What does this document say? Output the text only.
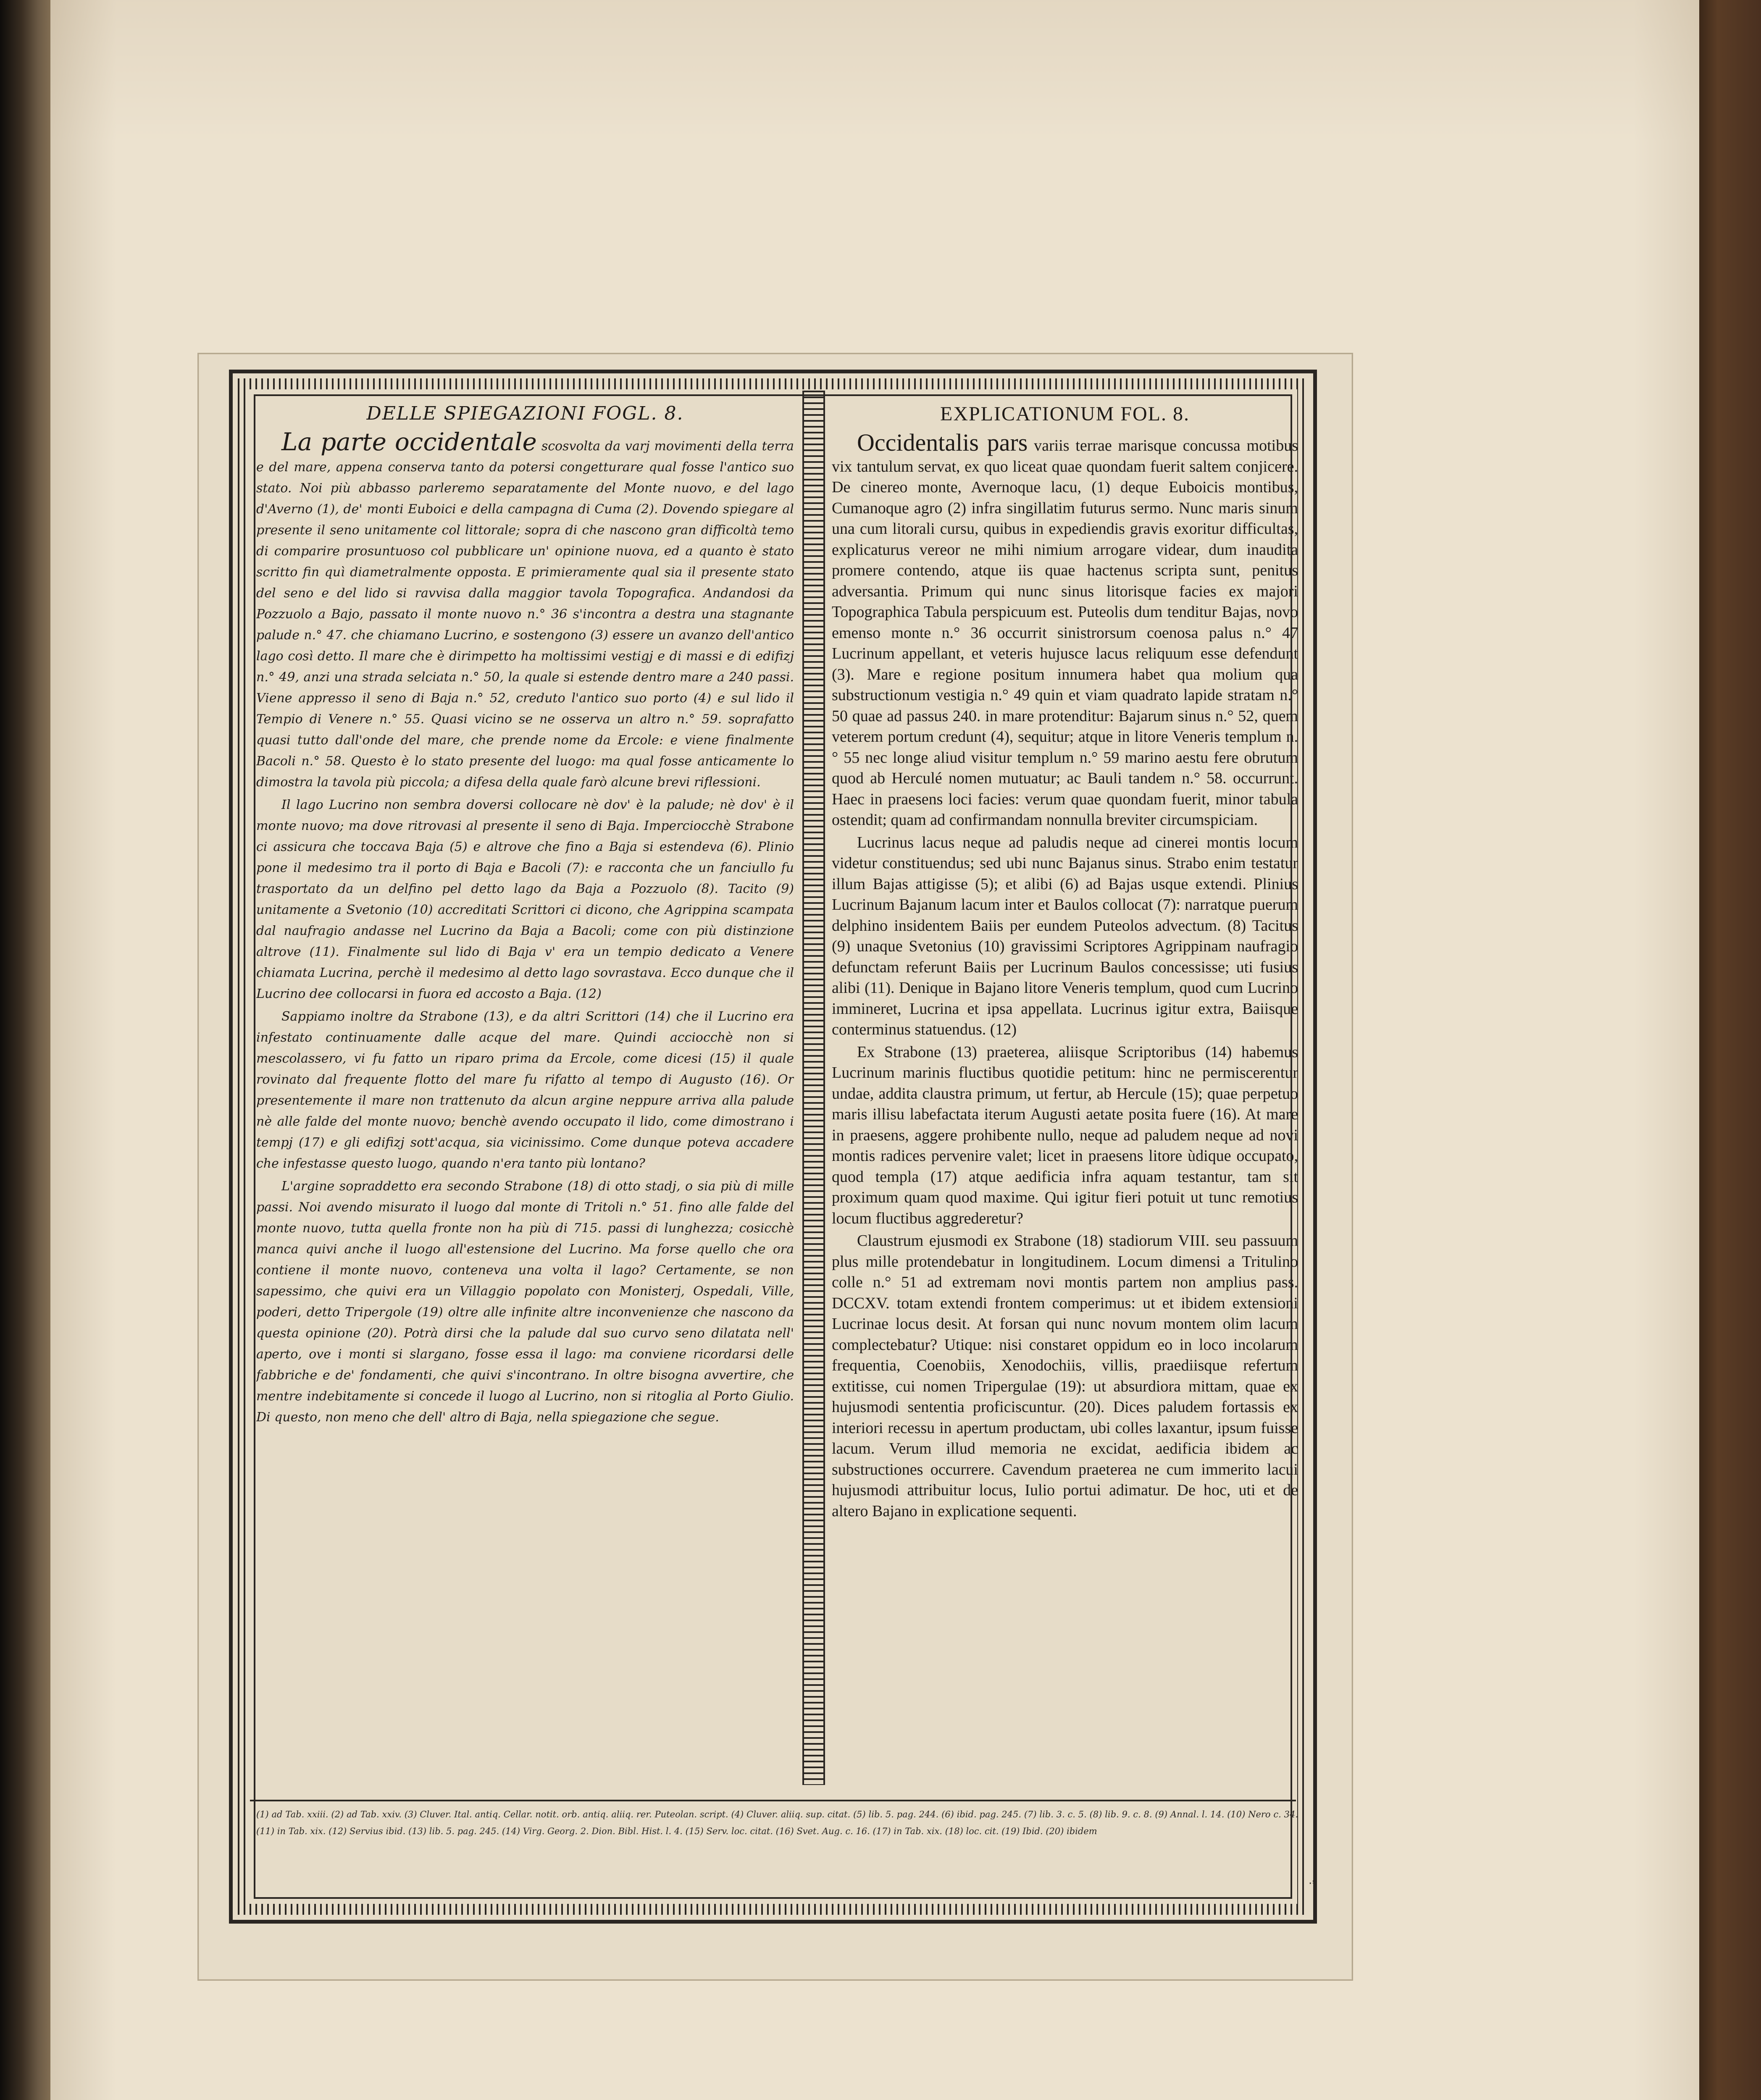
DELLE SPIEGAZIONI FOGL. 8.

La parte occidentale scosvolta da varj movimenti della terra e del mare, appena conserva tanto da potersi congetturare qual fosse l'antico suo stato. Noi più abbasso parleremo separatamente del Monte nuovo, e del lago d'Averno (1), de' monti Euboici e della campagna di Cuma (2). Dovendo spiegare al presente il seno unitamente col littorale; sopra di che nascono gran difficoltà temo di comparire prosuntuoso col pubblicare un' opinione nuova, ed a quanto è stato scritto fin quì diametralmente opposta. E primieramente qual sia il presente stato del seno e del lido si ravvisa dalla maggior tavola Topografica. Andandosi da Pozzuolo a Bajo, passato il monte nuovo n.° 36 s'incontra a destra una stagnante palude n.° 47. che chiamano Lucrino, e sostengono (3) essere un avanzo dell'antico lago così detto. Il mare che è dirimpetto ha moltissimi vestigj e di massi e di edifizj n.° 49, anzi una strada selciata n.° 50, la quale si estende dentro mare a 240 passi. Viene appresso il seno di Baja n.° 52, creduto l'antico suo porto (4) e sul lido il Tempio di Venere n.° 55. Quasi vicino se ne osserva un altro n.° 59. soprafatto quasi tutto dall'onde del mare, che prende nome da Ercole: e viene finalmente Bacoli n.° 58. Questo è lo stato presente del luogo: ma qual fosse anticamente lo dimostra la tavola più piccola; a difesa della quale farò alcune brevi riflessioni.

Il lago Lucrino non sembra doversi collocare nè dov' è la palude; nè dov' è il monte nuovo; ma dove ritrovasi al presente il seno di Baja. Imperciocchè Strabone ci assicura che toccava Baja (5) e altrove che fino a Baja si estendeva (6). Plinio pone il medesimo tra il porto di Baja e Bacoli (7): e racconta che un fanciullo fu trasportato da un delfino pel detto lago da Baja a Pozzuolo (8). Tacito (9) unitamente a Svetonio (10) accreditati Scrittori ci dicono, che Agrippina scampata dal naufragio andasse nel Lucrino da Baja a Bacoli; come con più distinzione altrove (11). Finalmente sul lido di Baja v' era un tempio dedicato a Venere chiamata Lucrina, perchè il medesimo al detto lago sovrastava. Ecco dunque che il Lucrino dee collocarsi in fuora ed accosto a Baja. (12)

Sappiamo inoltre da Strabone (13), e da altri Scrittori (14) che il Lucrino era infestato continuamente dalle acque del mare. Quindi acciocchè non si mescolassero, vi fu fatto un riparo prima da Ercole, come dicesi (15) il quale rovinato dal frequente flotto del mare fu rifatto al tempo di Augusto (16). Or presentemente il mare non trattenuto da alcun argine neppure arriva alla palude nè alle falde del monte nuovo; benchè avendo occupato il lido, come dimostrano i tempj (17) e gli edifizj sott'acqua, sia vicinissimo. Come dunque poteva accadere che infestasse questo luogo, quando n'era tanto più lontano?

L'argine sopraddetto era secondo Strabone (18) di otto stadj, o sia più di mille passi. Noi avendo misurato il luogo dal monte di Tritoli n.° 51. fino alle falde del monte nuovo, tutta quella fronte non ha più di 715. passi di lunghezza; cosicchè manca quivi anche il luogo all'estensione del Lucrino. Ma forse quello che ora contiene il monte nuovo, conteneva una volta il lago? Certamente, se non sapessimo, che quivi era un Villaggio popolato con Monisterj, Ospedali, Ville, poderi, detto Tripergole (19) oltre alle infinite altre inconvenienze che nascono da questa opinione (20). Potrà dirsi che la palude dal suo curvo seno dilatata nell' aperto, ove i monti si slargano, fosse essa il lago: ma conviene ricordarsi delle fabbriche e de' fondamenti, che quivi s'incontrano. In oltre bisogna avvertire, che mentre indebitamente si concede il luogo al Lucrino, non si ritoglia al Porto Giulio. Di questo, non meno che dell' altro di Baja, nella spiegazione che segue.

EXPLICATIONUM FOL. 8.

Occidentalis pars variis terrae marisque concussa motibus vix tantulum servat, ex quo liceat quae quondam fuerit saltem conjicere. De cinereo monte, Avernoque lacu, (1) deque Euboicis montibus, Cumanoque agro (2) infra singillatim futurus sermo. Nunc maris sinum una cum litorali cursu, quibus in expediendis gravis exoritur difficultas, explicaturus vereor ne mihi nimium arrogare videar, dum inaudita promere contendo, atque iis quae hactenus scripta sunt, penitus adversantia. Primum qui nunc sinus litorisque facies ex majori Topographica Tabula perspicuum est. Puteolis dum tenditur Bajas, novo emenso monte n.° 36 occurrit sinistrorsum coenosa palus n.° 47 Lucrinum appellant, et veteris hujusce lacus reliquum esse defendunt (3). Mare e regione positum innumera habet qua molium qua substructionum vestigia n.° 49 quin et viam quadrato lapide stratam n.° 50 quae ad passus 240. in mare protenditur: Bajarum sinus n.° 52, quem veterem portum credunt (4), sequitur; atque in litore Veneris templum n.° 55 nec longe aliud visitur templum n.° 59 marino aestu fere obrutum quod ab Herculé nomen mutuatur; ac Bauli tandem n.° 58. occurrunt. Haec in praesens loci facies: verum quae quondam fuerit, minor tabula ostendit; quam ad confirmandam nonnulla breviter circumspiciam.

Lucrinus lacus neque ad paludis neque ad cinerei montis locum videtur constituendus; sed ubi nunc Bajanus sinus. Strabo enim testatur illum Bajas attigisse (5); et alibi (6) ad Bajas usque extendi. Plinius Lucrinum Bajanum lacum inter et Baulos collocat (7): narratque puerum delphino insidentem Baiis per eundem Puteolos advectum. (8) Tacitus (9) unaque Svetonius (10) gravissimi Scriptores Agrippinam naufragio defunctam referunt Baiis per Lucrinum Baulos concessisse; uti fusius alibi (11). Denique in Bajano litore Veneris templum, quod cum Lucrino immineret, Lucrina et ipsa appellata. Lucrinus igitur extra, Baiisque conterminus statuendus. (12)

Ex Strabone (13) praeterea, aliisque Scriptoribus (14) habemus Lucrinum marinis fluctibus quotidie petitum: hinc ne permiscerentur undae, addita claustra primum, ut fertur, ab Hercule (15); quae perpetuo maris illisu labefactata iterum Augusti aetate posita fuere (16). At mare in praesens, aggere prohibente nullo, neque ad paludem neque ad novi montis radices pervenire valet; licet in praesens litore ùdique occupato, quod templa (17) atque aedificia infra aquam testantur, tam sit proximum quam quod maxime. Qui igitur fieri potuit ut tunc remotius locum fluctibus aggrederetur?

Claustrum ejusmodi ex Strabone (18) stadiorum VIII. seu passuum plus mille protendebatur in longitudinem. Locum dimensi a Tritulino colle n.° 51 ad extremam novi montis partem non amplius pass. DCCXV. totam extendi frontem comperimus: ut et ibidem extensioni Lucrinae locus desit. At forsan qui nunc novum montem olim lacum complectebatur? Utique: nisi constaret oppidum eo in loco incolarum frequentia, Coenobiis, Xenodochiis, villis, praediisque refertum extitisse, cui nomen Tripergulae (19): ut absurdiora mittam, quae ex hujusmodi sententia proficiscuntur. (20). Dices paludem fortassis ex interiori recessu in apertum productam, ubi colles laxantur, ipsum fuisse lacum. Verum illud memoria ne excidat, aedificia ibidem ac substructiones occurrere. Cavendum praeterea ne cum immerito lacui hujusmodi attribuitur locus, Iulio portui adimatur. De hoc, uti et de altero Bajano in explicatione sequenti.

(1) ad Tab. xxiii. (2) ad Tab. xxiv. (3) Cluver. Ital. antiq. Cellar. notit. orb. antiq. aliiq. rer. Puteolan. script. (4) Cluver. aliiq. sup. citat. (5) lib. 5. pag. 244. (6) ibid. pag. 245. (7) lib. 3. c. 5. (8) lib. 9. c. 8. (9) Annal. l. 14. (10) Nero c. 34. (11) in Tab. xix. (12) Servius ibid. (13) lib. 5. pag. 245. (14) Virg. Georg. 2. Dion. Bibl. Hist. l. 4. (15) Serv. loc. citat. (16) Svet. Aug. c. 16. (17) in Tab. xix. (18) loc. cit. (19) Ibid. (20) ibidem
·ˢ
